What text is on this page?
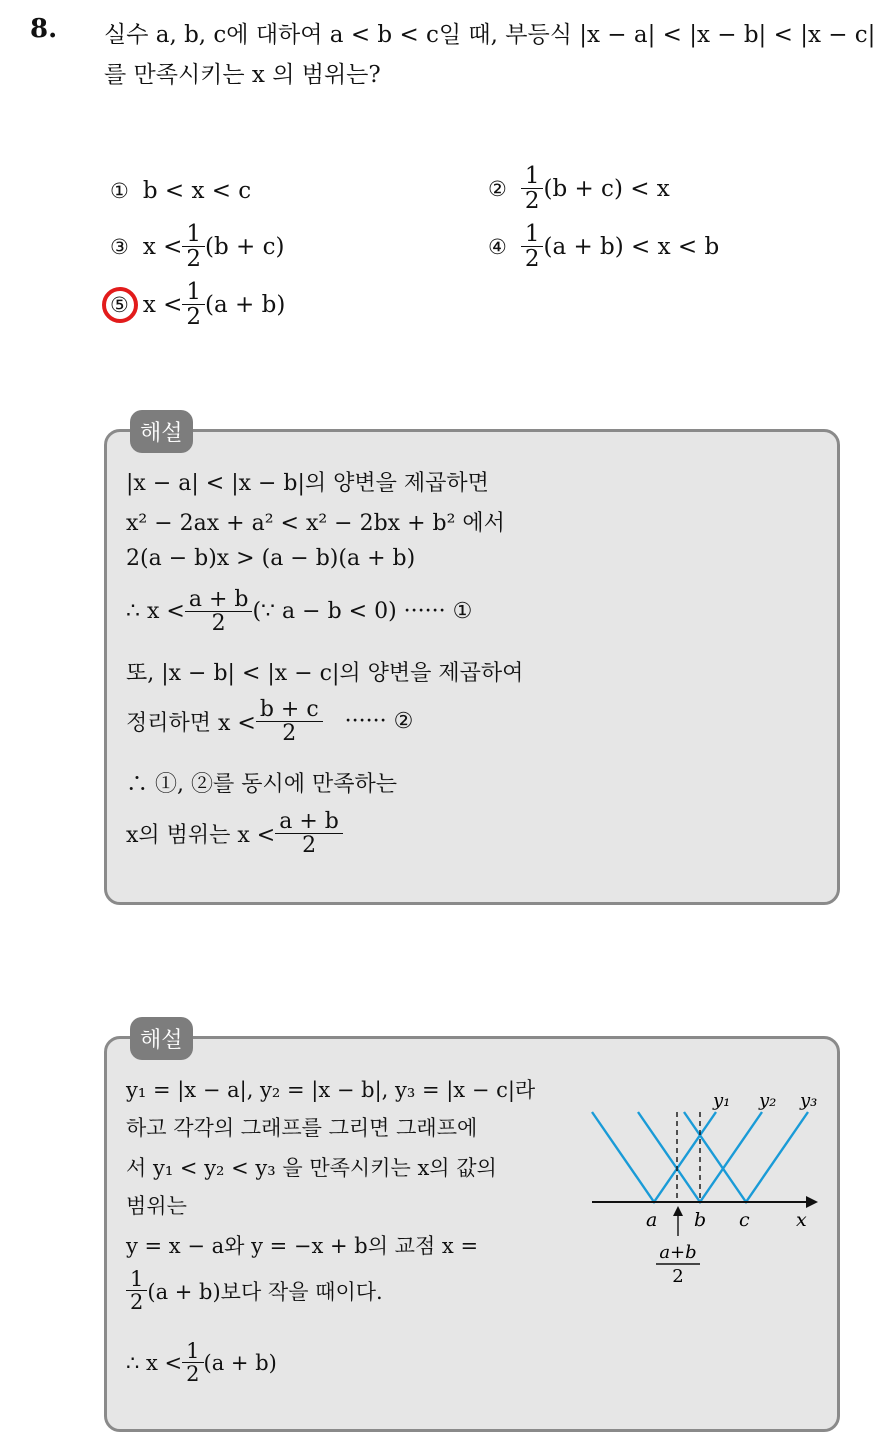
8. 실수 a, b, c에 대하여 a < b < c일 때, 부등식 |x − a| < |x − b| < |x − c|
를 만족시키는 x 의 범위는?
① b < x < c	② $\frac{1}{2} (b + c) < x$
③ $x < \frac{1}{2} (b + c)$	④ $\frac{1}{2} (a + b) < x < b$
⑤ $x < \frac{1}{2} (a + b)$
해설
|x − a| < |x − b|의 양변을 제곱하면
x² − 2ax + a² < x² − 2bx + b² 에서
2(a − b)x > (a − b)(a + b)
∴ $x < \frac{a + b}{2}$ (∵ a − b < 0) ······ ①
또, |x − b| < |x − c|의 양변을 제곱하여
정리하면 $x < \frac{b + c}{2}$ ······ ②
∴ ①, ②를 동시에 만족하는
x의 범위는 $x < \frac{a + b}{2}$
해설
y₁ = |x − a|, y₂ = |x − b|, y₃ = |x − c|라
하고 각각의 그래프를 그리면 그래프에
서 y₁ < y₂ < y₃ 을 만족시키는 x의 값의
범위는
y = x − a와 y = −x + b의 교점 x =
$\frac{1}{2} (a + b)$보다 작을 때이다.
∴ $x < \frac{1}{2} (a + b)$
y₁ y₂ y₃
a b c x
a+b
2
